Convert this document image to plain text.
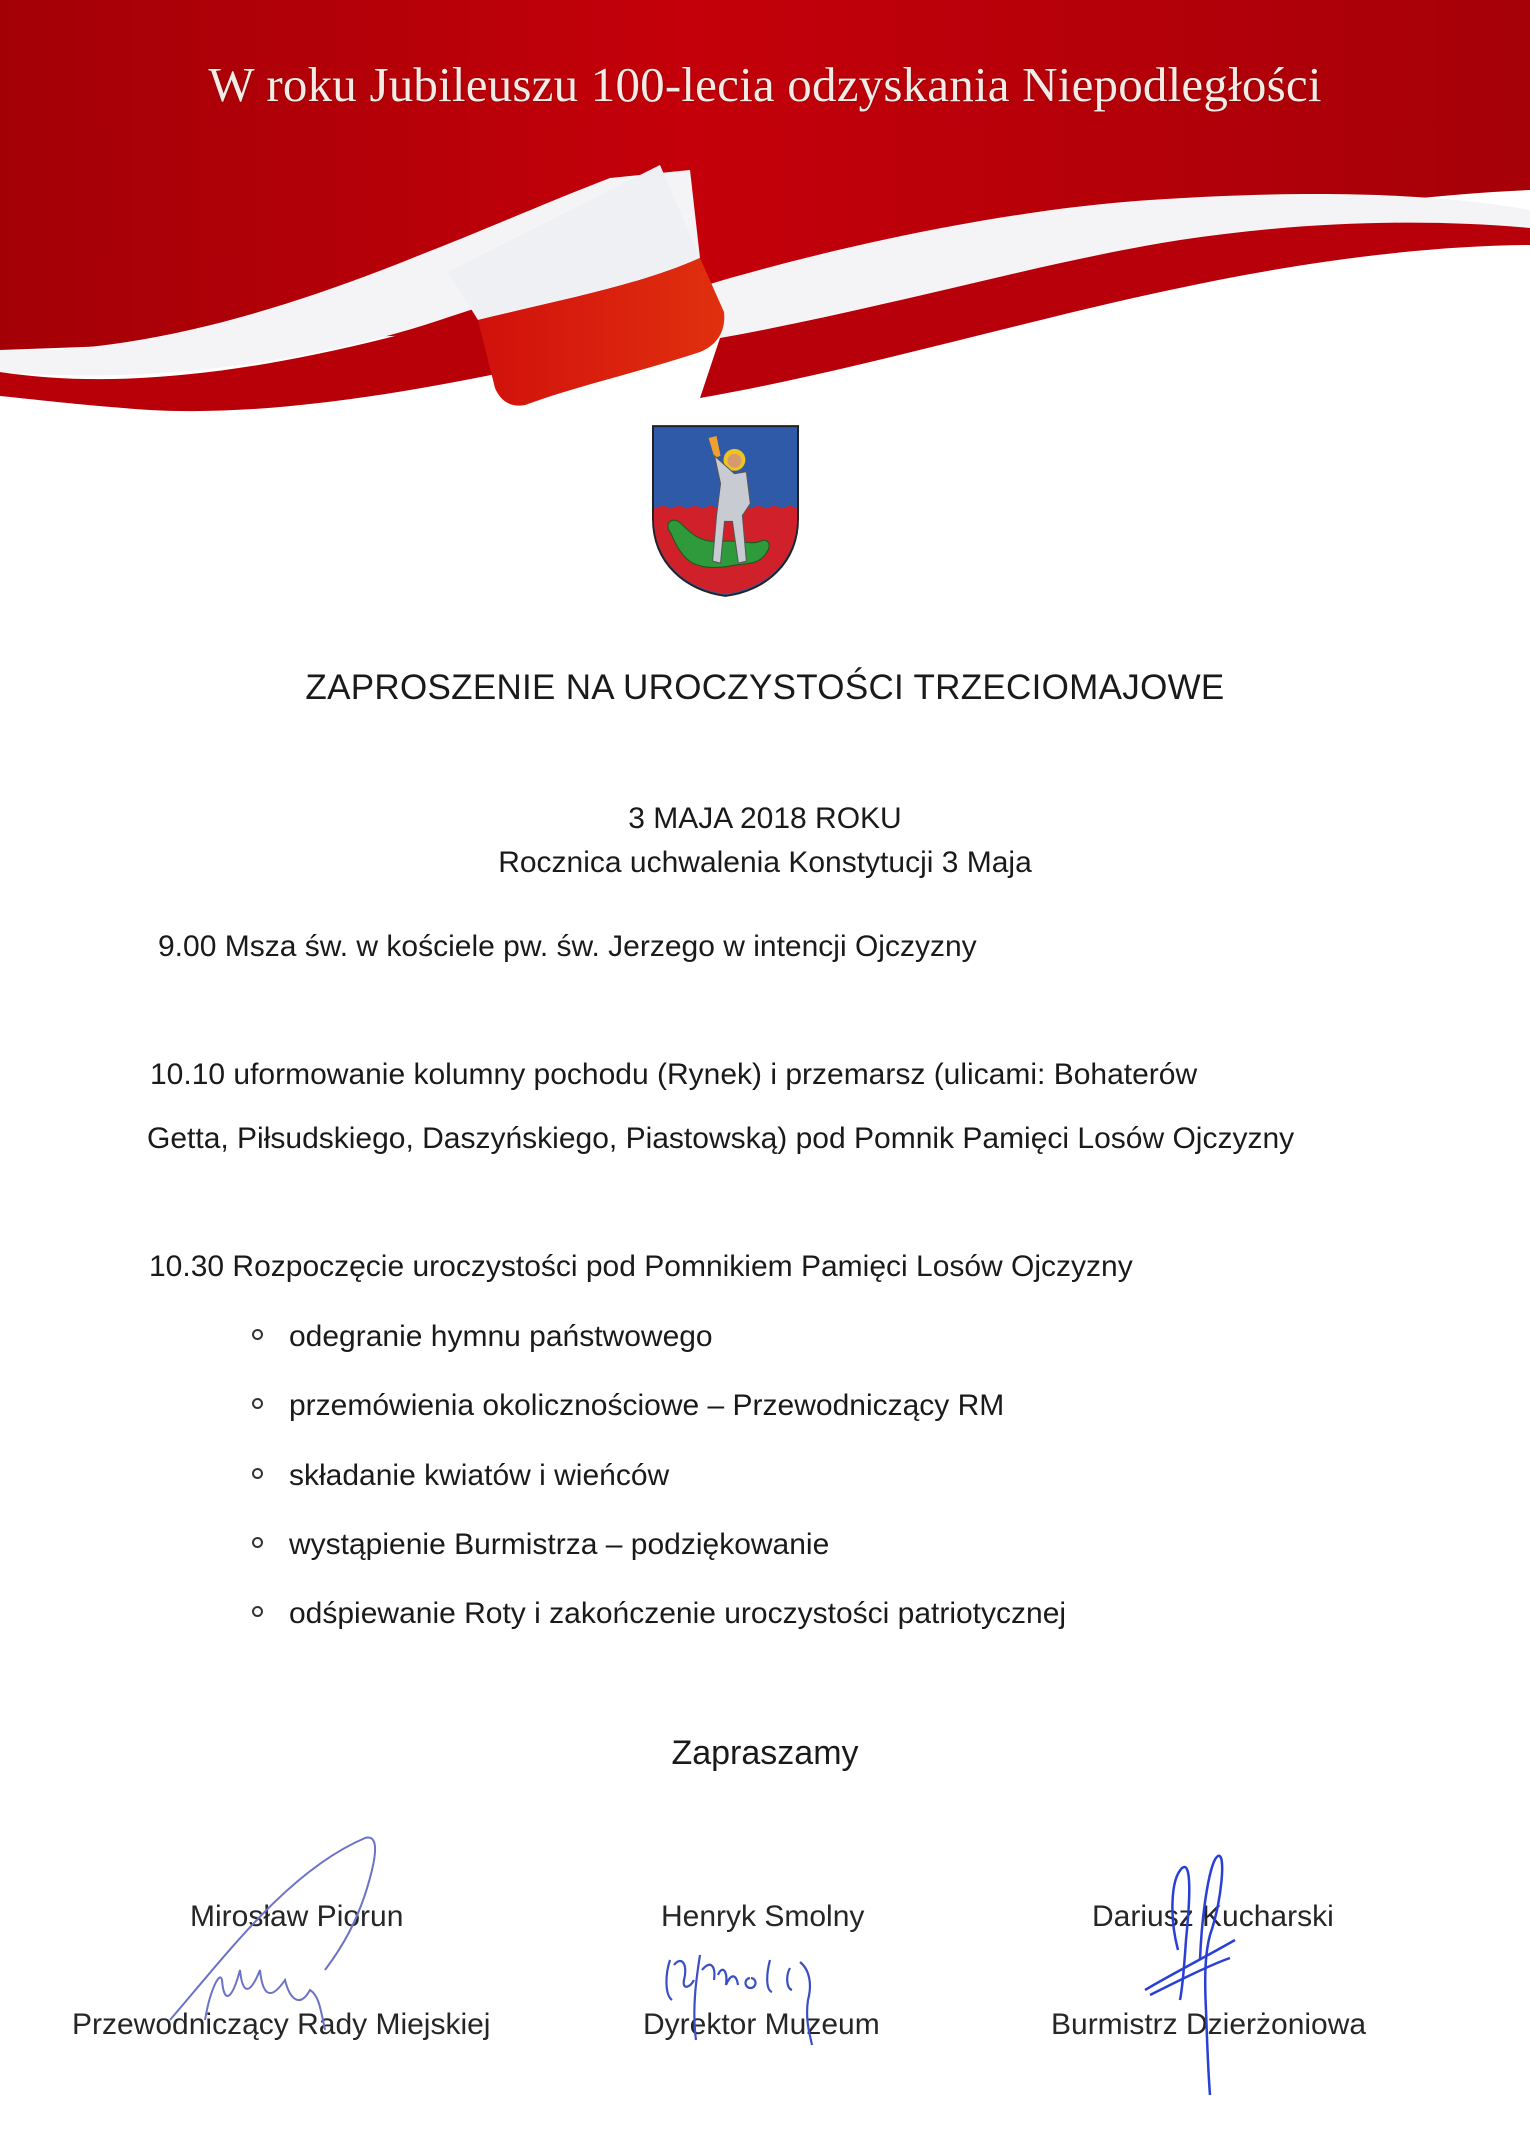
W roku Jubileuszu 100-lecia odzyskania Niepodległości
ZAPROSZENIE NA UROCZYSTOŚCI TRZECIOMAJOWE
3 MAJA 2018 ROKU
Rocznica uchwalenia Konstytucji 3 Maja
9.00 Msza św. w kościele pw. św. Jerzego w intencji Ojczyzny
10.10 uformowanie kolumny pochodu (Rynek) i przemarsz (ulicami: Bohaterów
Getta, Piłsudskiego, Daszyńskiego, Piastowską) pod Pomnik Pamięci Losów Ojczyzny
10.30 Rozpoczęcie uroczystości pod Pomnikiem Pamięci Losów Ojczyzny
odegranie hymnu państwowego
przemówienia okolicznościowe – Przewodniczący RM
składanie kwiatów i wieńców
wystąpienie Burmistrza – podziękowanie
odśpiewanie Roty i zakończenie uroczystości patriotycznej
Zapraszamy
Mirosław Piorun
Przewodniczący Rady Miejskiej
Henryk Smolny
Dyrektor Muzeum
Dariusz Kucharski
Burmistrz Dzierżoniowa
